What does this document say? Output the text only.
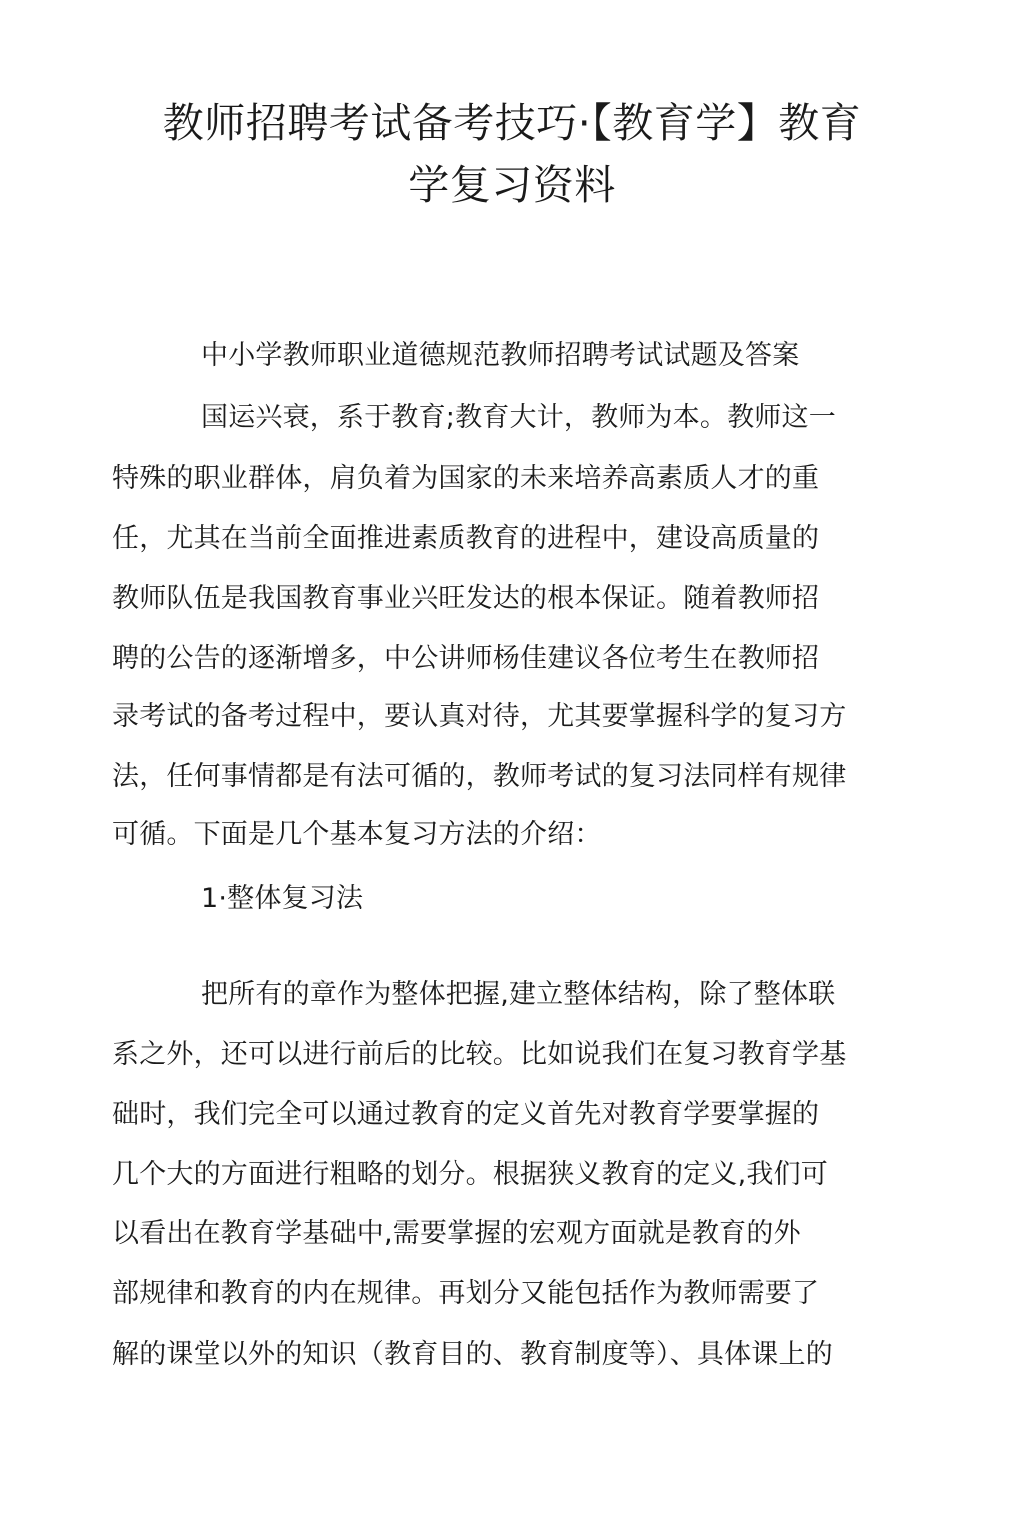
教师招聘考试备考技巧·【教育学】教育
学复习资料
中小学教师职业道德规范教师招聘考试试题及答案
国运兴衰，系于教育;教育大计，教师为本。教师这一
特殊的职业群体，肩负着为国家的未来培养高素质人才的重
任，尤其在当前全面推进素质教育的进程中，建设高质量的
教师队伍是我国教育事业兴旺发达的根本保证。随着教师招
聘的公告的逐渐增多，中公讲师杨佳建议各位考生在教师招
录考试的备考过程中，要认真对待，尤其要掌握科学的复习方
法，任何事情都是有法可循的，教师考试的复习法同样有规律
可循。下面是几个基本复习方法的介绍：
1·整体复习法
把所有的章作为整体把握,建立整体结构，除了整体联
系之外，还可以进行前后的比较。比如说我们在复习教育学基
础时，我们完全可以通过教育的定义首先对教育学要掌握的
几个大的方面进行粗略的划分。根据狭义教育的定义,我们可
以看出在教育学基础中,需要掌握的宏观方面就是教育的外
部规律和教育的内在规律。再划分又能包括作为教师需要了
解的课堂以外的知识（教育目的、教育制度等）、具体课上的
